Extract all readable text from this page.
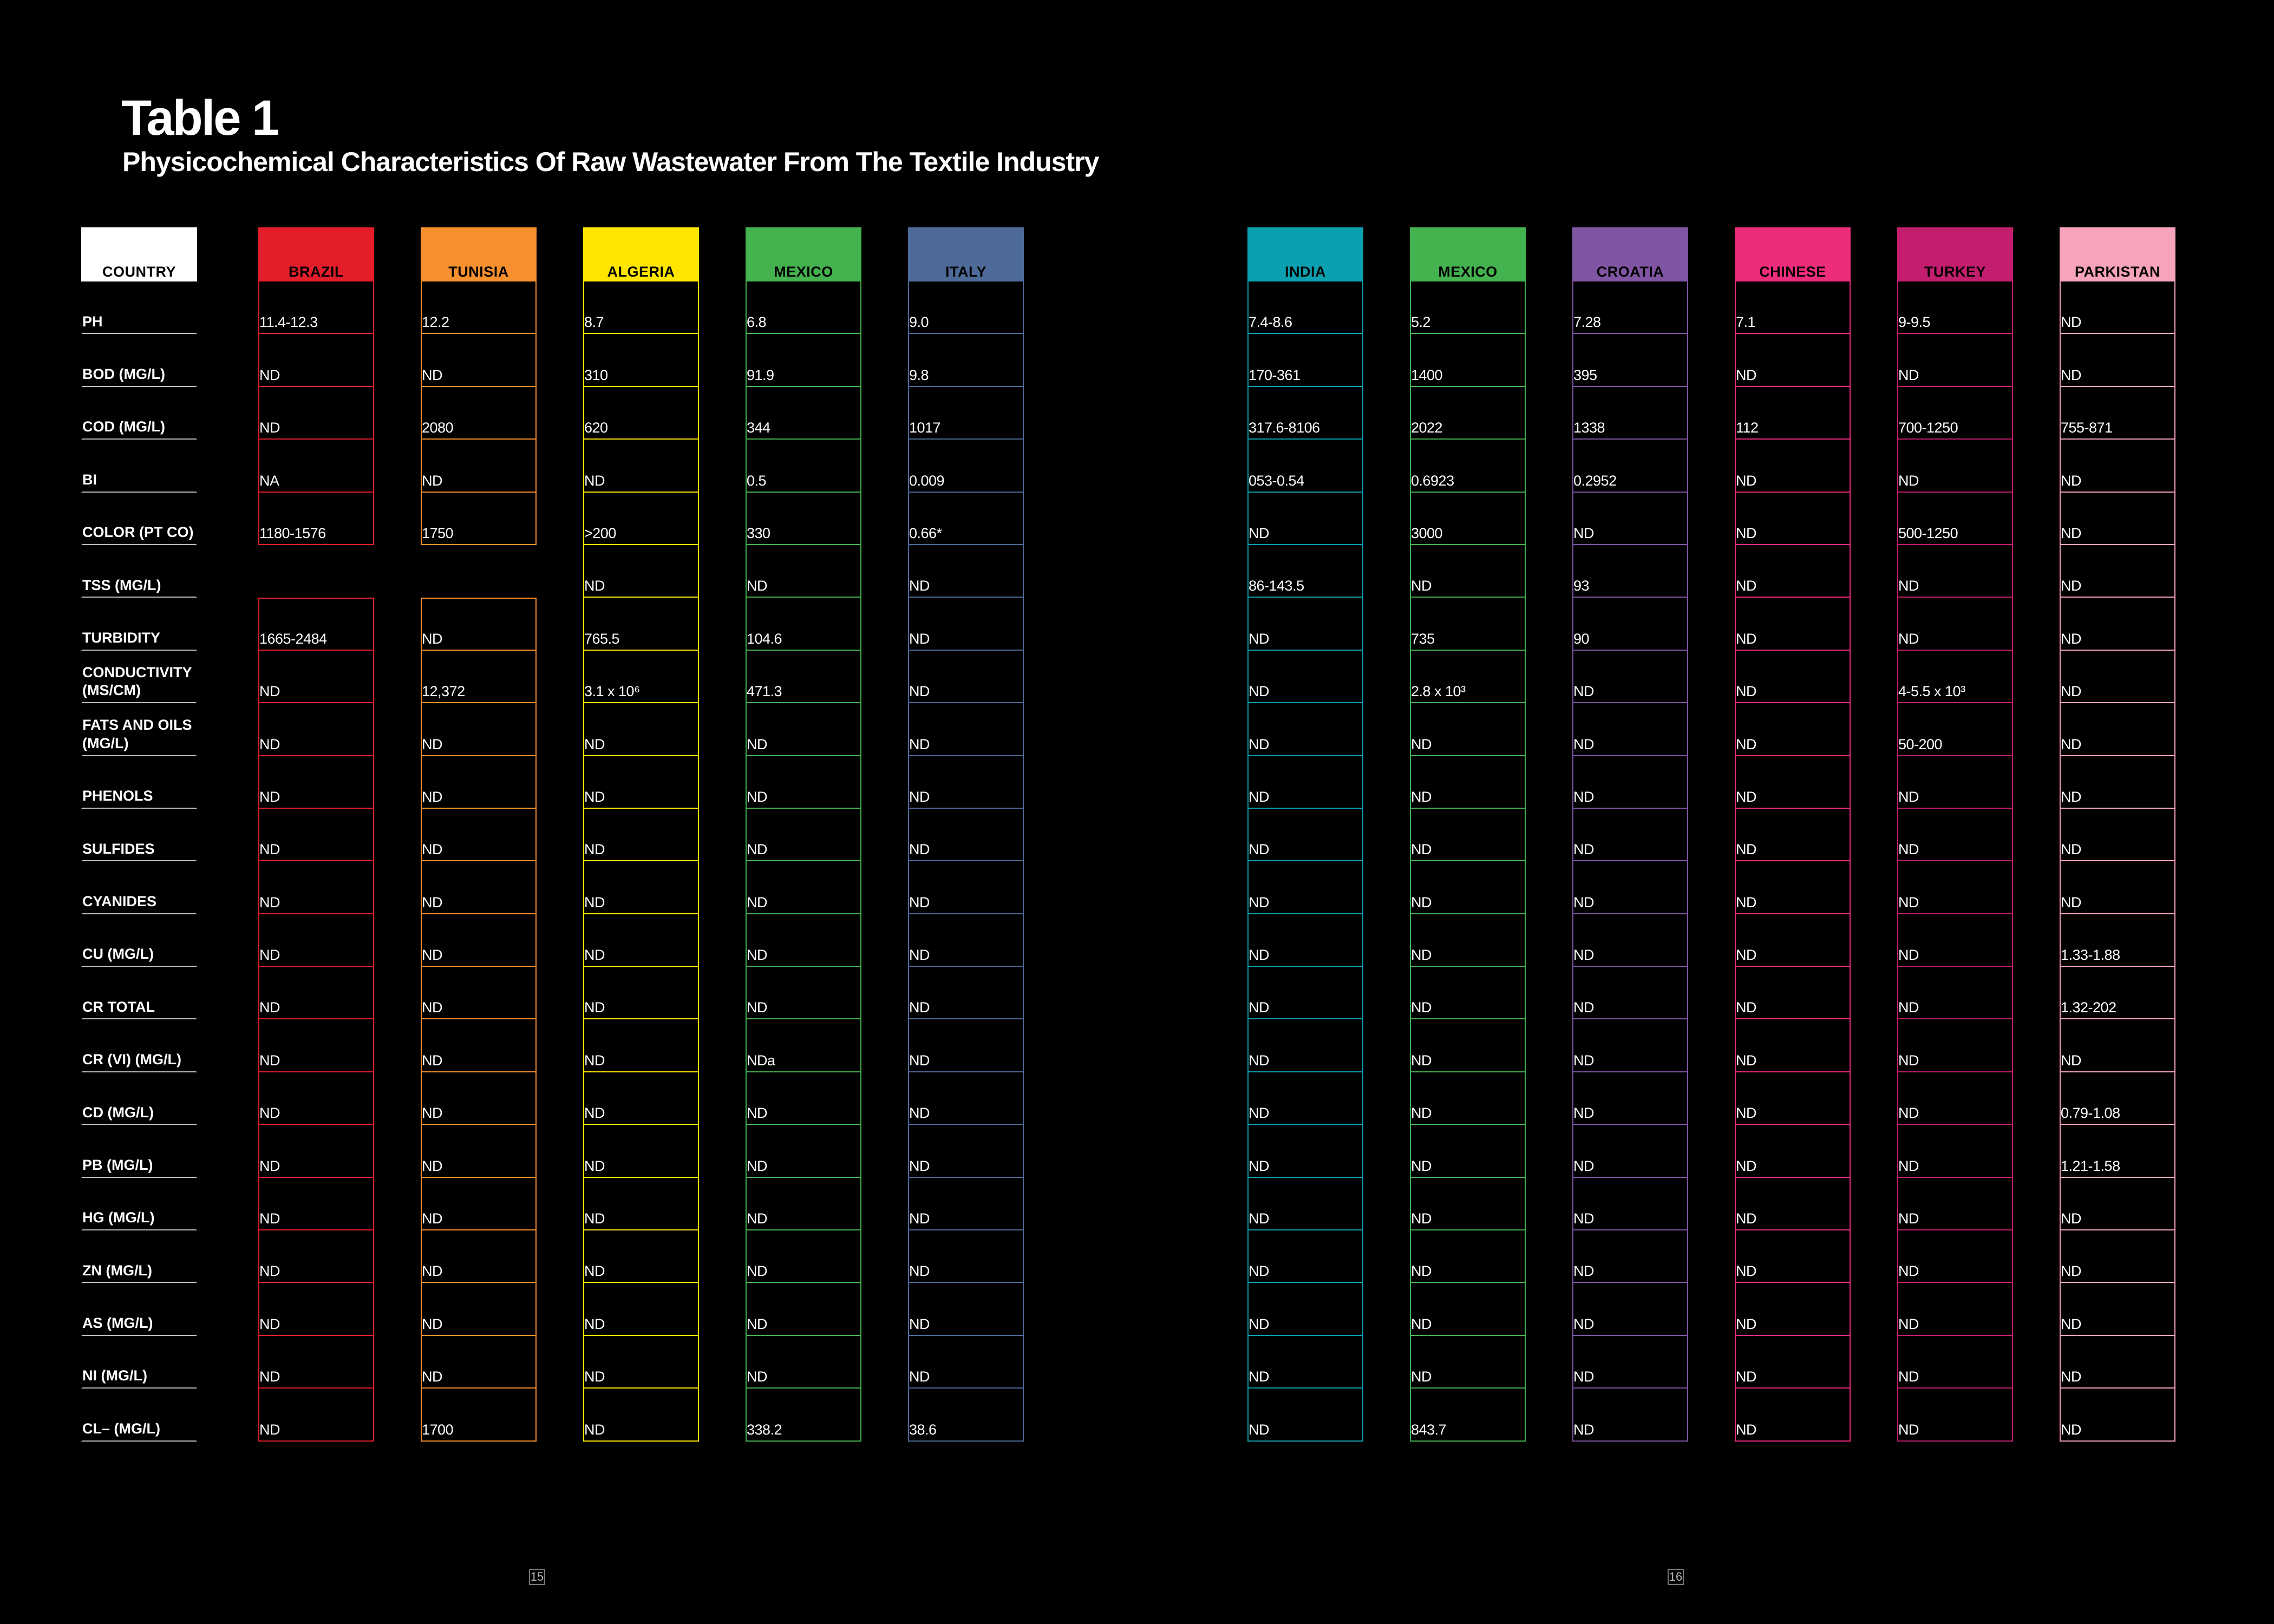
Table 1
Physicochemical Characteristics Of Raw Wastewater From The Textile Industry
COUNTRY
PH
BOD (MG/L)
COD (MG/L)
BI
COLOR (PT CO)
TSS (MG/L)
TURBIDITY
CONDUCTIVITY
(MS/CM)
FATS AND OILS
(MG/L)
PHENOLS
SULFIDES
CYANIDES
CU (MG/L)
CR TOTAL
CR (VI) (MG/L)
CD (MG/L)
PB (MG/L)
HG (MG/L)
ZN (MG/L)
AS (MG/L)
NI (MG/L)
CL– (MG/L)
BRAZIL
11.4-12.3
ND
ND
NA
1180-1576
1665-2484
ND
ND
ND
ND
ND
ND
ND
ND
ND
ND
ND
ND
ND
ND
ND
TUNISIA
12.2
ND
2080
ND
1750
ND
12,372
ND
ND
ND
ND
ND
ND
ND
ND
ND
ND
ND
ND
ND
1700
ALGERIA
8.7
310
620
ND
>200
ND
765.5
3.1 x 10⁶
ND
ND
ND
ND
ND
ND
ND
ND
ND
ND
ND
ND
ND
ND
MEXICO
6.8
91.9
344
0.5
330
ND
104.6
471.3
ND
ND
ND
ND
ND
ND
NDa
ND
ND
ND
ND
ND
ND
338.2
ITALY
9.0
9.8
1017
0.009
0.66*
ND
ND
ND
ND
ND
ND
ND
ND
ND
ND
ND
ND
ND
ND
ND
ND
38.6
INDIA
7.4-8.6
170-361
317.6-8106
053-0.54
ND
86-143.5
ND
ND
ND
ND
ND
ND
ND
ND
ND
ND
ND
ND
ND
ND
ND
ND
MEXICO
5.2
1400
2022
0.6923
3000
ND
735
2.8 x 10³
ND
ND
ND
ND
ND
ND
ND
ND
ND
ND
ND
ND
ND
843.7
CROATIA
7.28
395
1338
0.2952
ND
93
90
ND
ND
ND
ND
ND
ND
ND
ND
ND
ND
ND
ND
ND
ND
ND
CHINESE
7.1
ND
112
ND
ND
ND
ND
ND
ND
ND
ND
ND
ND
ND
ND
ND
ND
ND
ND
ND
ND
ND
TURKEY
9-9.5
ND
700-1250
ND
500-1250
ND
ND
4-5.5 x 10³
50-200
ND
ND
ND
ND
ND
ND
ND
ND
ND
ND
ND
ND
ND
PARKISTAN
ND
ND
755-871
ND
ND
ND
ND
ND
ND
ND
ND
ND
1.33-1.88
1.32-202
ND
0.79-1.08
1.21-1.58
ND
ND
ND
ND
ND
15	16
